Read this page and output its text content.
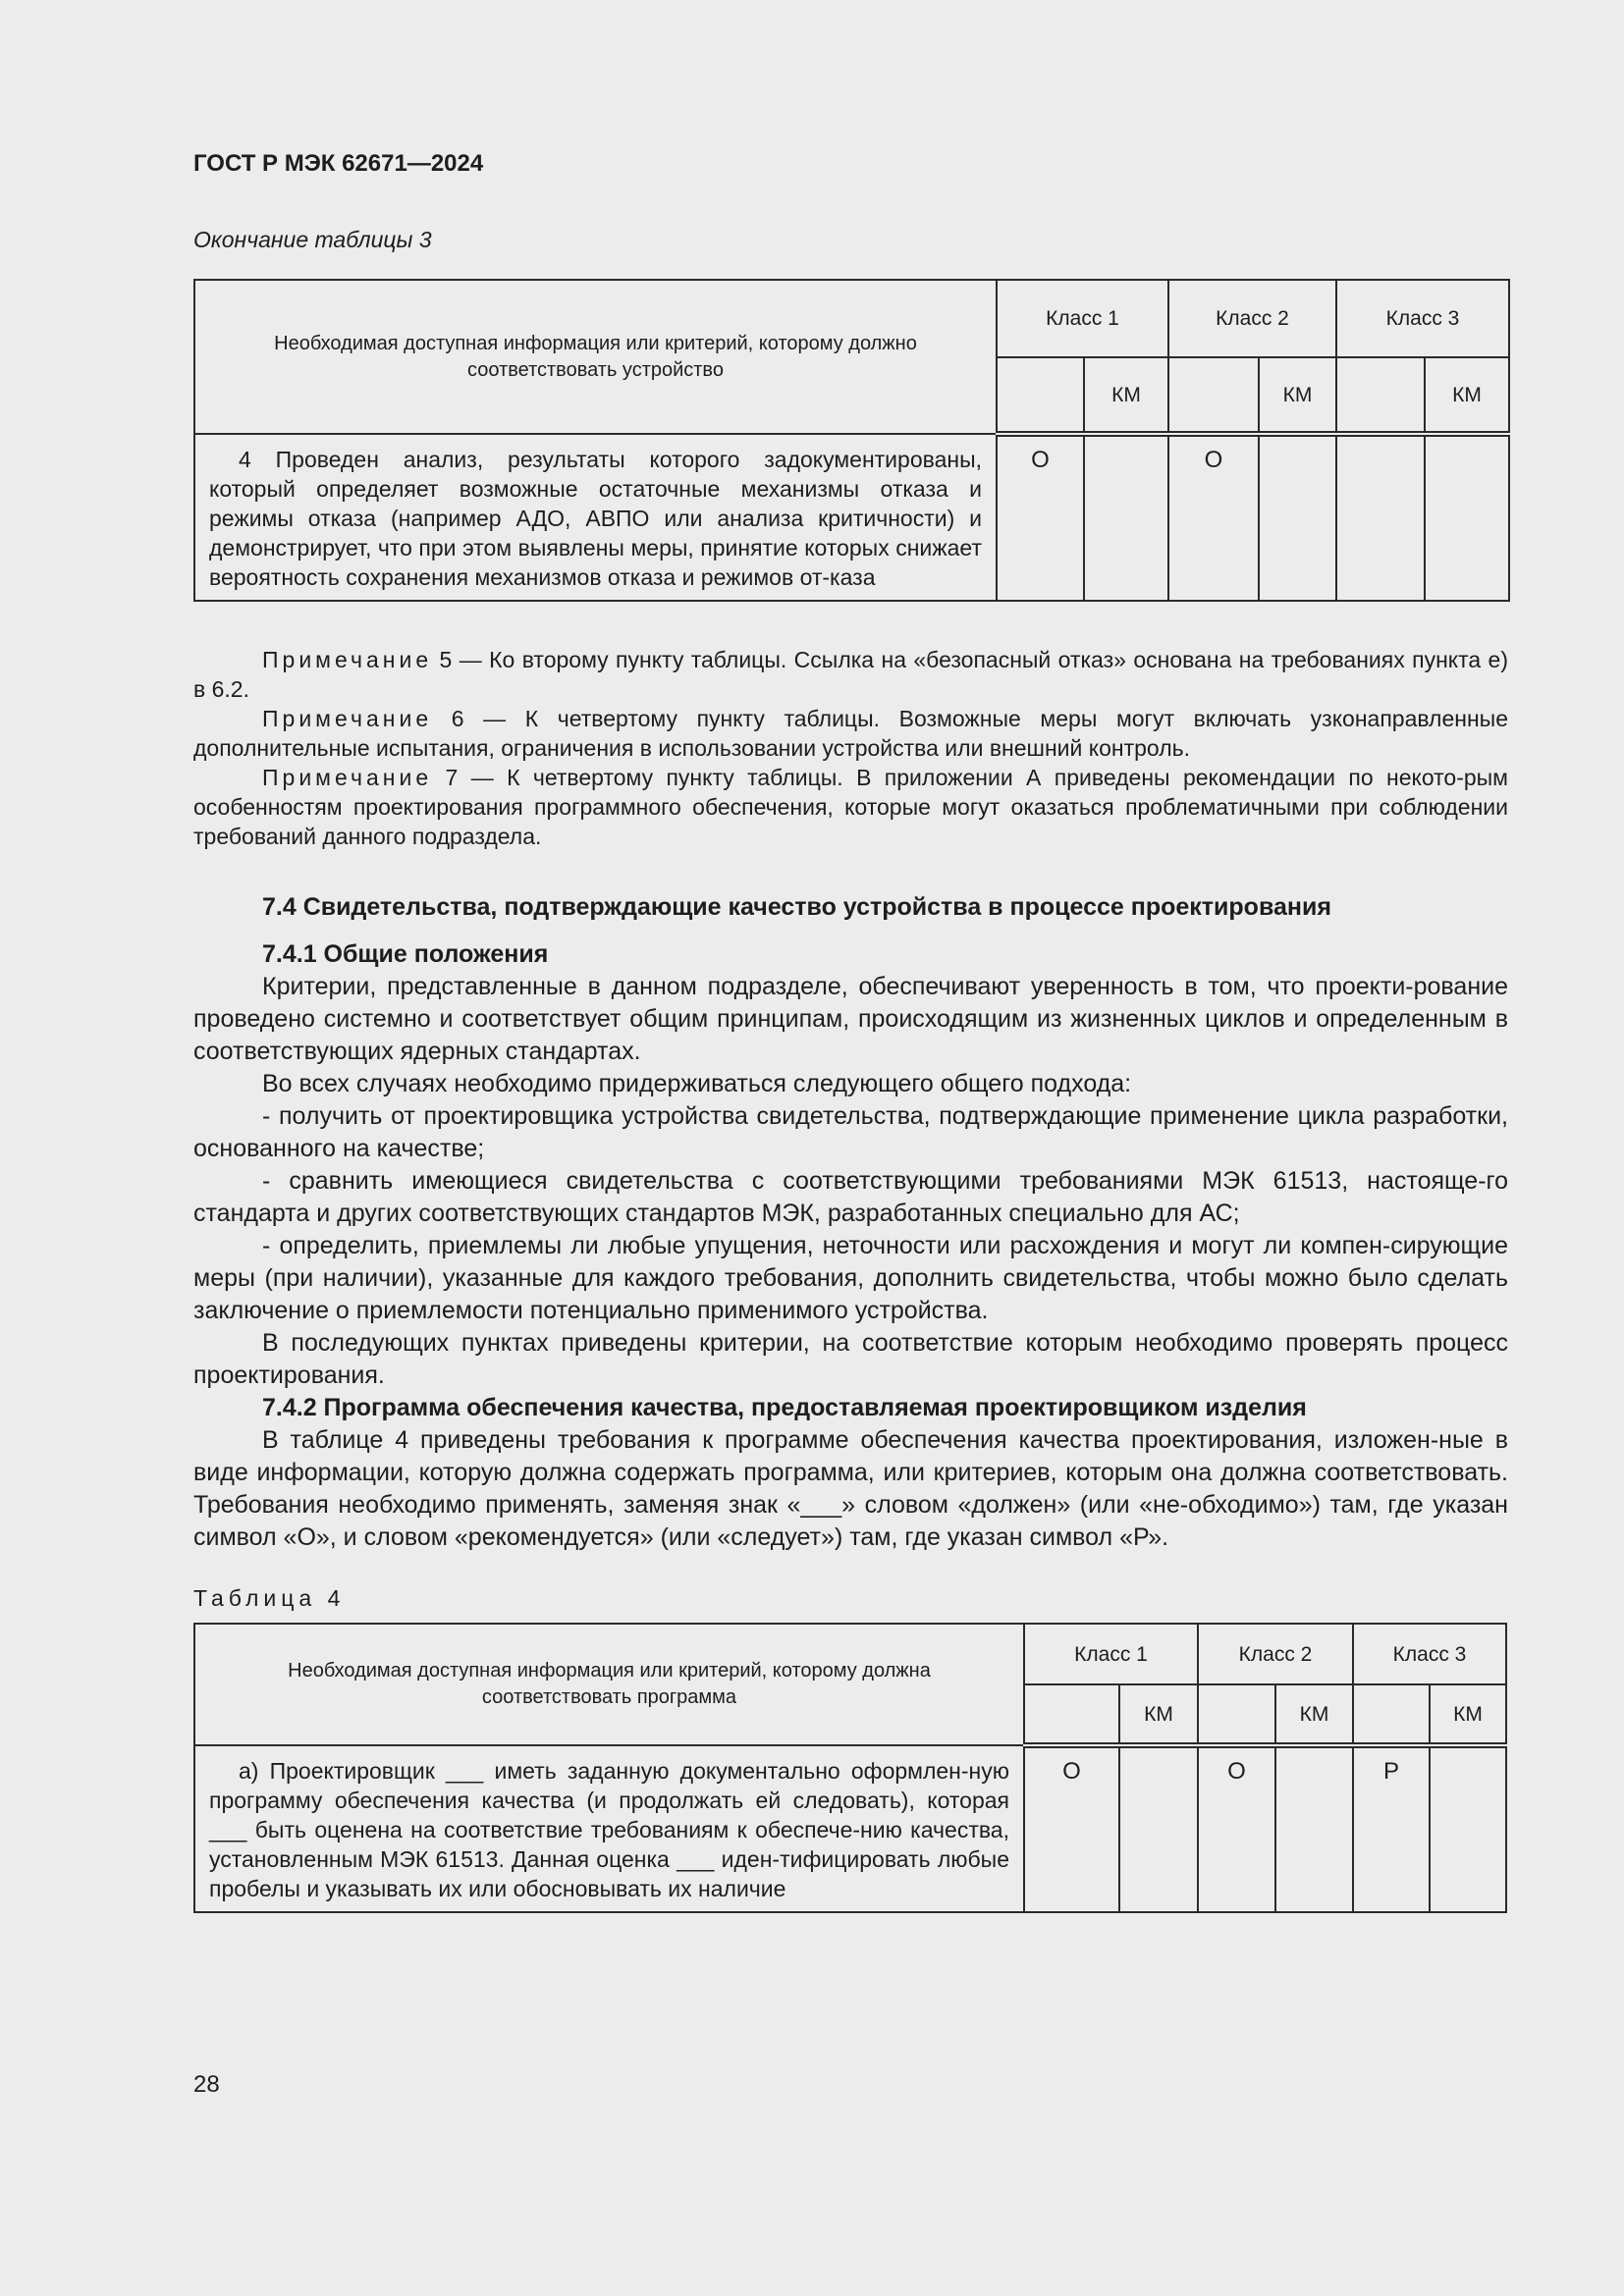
ГОСТ Р МЭК 62671—2024
Окончание таблицы 3
Необходимая доступная информация или критерий, которому должно соответствовать устройство	Класс 1		Класс 2		Класс 3	
		КМ		КМ		КМ
4 Проведен анализ, результаты которого задокументированы, который определяет возможные остаточные механизмы отказа и режимы отказа (например АДО, АВПО или анализа критичности) и демонстрирует, что при этом выявлены меры, принятие которых снижает вероятность сохранения механизмов отказа и режимов от-каза	О		О			

Примечание 5 — Ко второму пункту таблицы. Ссылка на «безопасный отказ» основана на требованиях пункта е) в 6.2.

Примечание 6 — К четвертому пункту таблицы. Возможные меры могут включать узконаправленные дополнительные испытания, ограничения в использовании устройства или внешний контроль.

Примечание 7 — К четвертому пункту таблицы. В приложении А приведены рекомендации по некото-рым особенностям проектирования программного обеспечения, которые могут оказаться проблематичными при соблюдении требований данного подраздела.

7.4 Свидетельства, подтверждающие качество устройства в процессе проектирования
7.4.1 Общие положения

Критерии, представленные в данном подразделе, обеспечивают уверенность в том, что проекти-рование проведено системно и соответствует общим принципам, происходящим из жизненных циклов и определенным в соответствующих ядерных стандартах.

Во всех случаях необходимо придерживаться следующего общего подхода:

- получить от проектировщика устройства свидетельства, подтверждающие применение цикла разработки, основанного на качестве;

- сравнить имеющиеся свидетельства с соответствующими требованиями МЭК 61513, настояще-го стандарта и других соответствующих стандартов МЭК, разработанных специально для АС;

- определить, приемлемы ли любые упущения, неточности или расхождения и могут ли компен-сирующие меры (при наличии), указанные для каждого требования, дополнить свидетельства, чтобы можно было сделать заключение о приемлемости потенциально применимого устройства.

В последующих пунктах приведены критерии, на соответствие которым необходимо проверять процесс проектирования.

7.4.2 Программа обеспечения качества, предоставляемая проектировщиком изделия

В таблице 4 приведены требования к программе обеспечения качества проектирования, изложен-ные в виде информации, которую должна содержать программа, или критериев, которым она должна соответствовать. Требования необходимо применять, заменяя знак «___» словом «должен» (или «не-обходимо») там, где указан символ «О», и словом «рекомендуется» (или «следует») там, где указан символ «Р».

Таблица 4
Необходимая доступная информация или критерий, которому должна соответствовать программа	Класс 1		Класс 2		Класс 3	
		КМ		КМ		КМ
а) Проектировщик ___ иметь заданную документально оформлен-ную программу обеспечения качества (и продолжать ей следовать), которая ___ быть оценена на соответствие требованиям к обеспече-нию качества, установленным МЭК 61513. Данная оценка ___ иден-тифицировать любые пробелы и указывать их или обосновывать их наличие	О		О		Р	
28
